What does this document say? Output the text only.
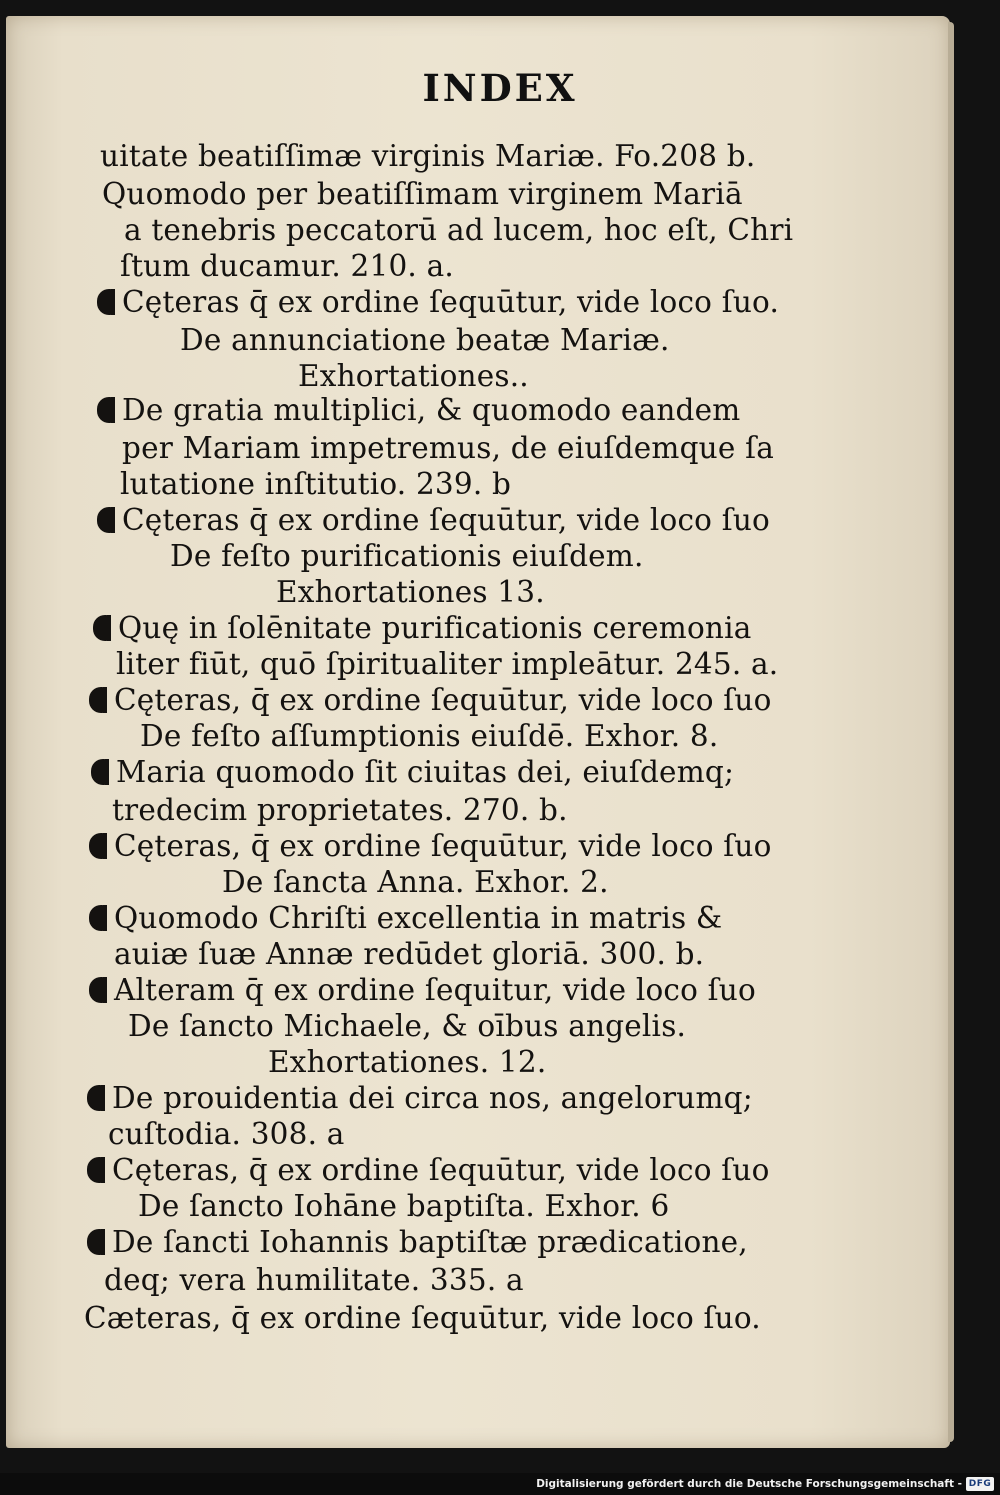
INDEX
uitate beatiſſimæ virginis Mariæ. Fo.208 b.
Quomodo per beatiſſimam virginem Mariā
a tenebris peccatorū ad lucem, hoc eſt, Chri
ſtum ducamur. 210. a.
Cęteras q̄ ex ordine ſequūtur, vide loco ſuo.
De annunciatione beatæ Mariæ.
Exhortationes..
De gratia multiplici, & quomodo eandem
per Mariam impetremus, de eiuſdemque ſa
lutatione inſtitutio. 239. b
Cęteras q̄ ex ordine ſequūtur, vide loco ſuo
De feſto purificationis eiuſdem.
Exhortationes 13.
Quę in ſolēnitate purificationis ceremonia
liter fiūt, quō ſpiritualiter impleātur. 245. a.
Cęteras, q̄ ex ordine ſequūtur, vide loco ſuo
De feſto aſſumptionis eiuſdē. Exhor. 8.
Maria quomodo ſit ciuitas dei, eiuſdemq;
tredecim proprietates. 270. b.
Cęteras, q̄ ex ordine ſequūtur, vide loco ſuo
De ſancta Anna. Exhor. 2.
Quomodo Chriſti excellentia in matris &
auiæ ſuæ Annæ redūdet gloriā. 300. b.
Alteram q̄ ex ordine ſequitur, vide loco ſuo
De ſancto Michaele, & oībus angelis.
Exhortationes. 12.
De prouidentia dei circa nos, angelorumq;
cuſtodia. 308. a
Cęteras, q̄ ex ordine ſequūtur, vide loco ſuo
De ſancto Iohāne baptiſta. Exhor. 6
De ſancti Iohannis baptiſtæ prædicatione,
deq; vera humilitate. 335. a
Cæteras, q̄ ex ordine ſequūtur, vide loco ſuo.
Digitalisierung gefördert durch die Deutsche Forschungsgemeinschaft - DFG
